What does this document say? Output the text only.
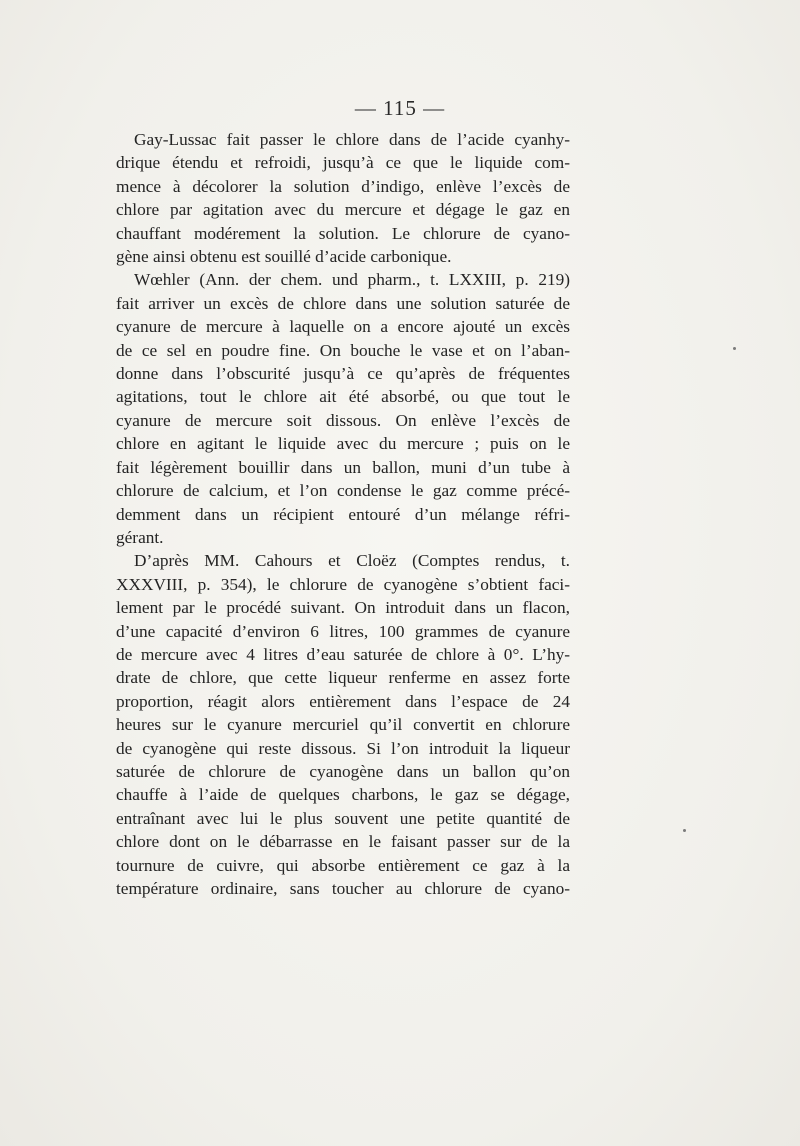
— 115 —

Gay-Lussac fait passer le chlore dans de l’acide cyanhy-
drique étendu et refroidi, jusqu’à ce que le liquide com-
mence à décolorer la solution d’indigo, enlève l’excès de
chlore par agitation avec du mercure et dégage le gaz en
chauffant modérement la solution. Le chlorure de cyano-
gène ainsi obtenu est souillé d’acide carbonique.

Wœhler (Ann. der chem. und pharm., t. LXXIII, p. 219)
fait arriver un excès de chlore dans une solution saturée de
cyanure de mercure à laquelle on a encore ajouté un excès
de ce sel en poudre fine. On bouche le vase et on l’aban-
donne dans l’obscurité jusqu’à ce qu’après de fréquentes
agitations, tout le chlore ait été absorbé, ou que tout le
cyanure de mercure soit dissous. On enlève l’excès de
chlore en agitant le liquide avec du mercure ; puis on le
fait légèrement bouillir dans un ballon, muni d’un tube à
chlorure de calcium, et l’on condense le gaz comme précé-
demment dans un récipient entouré d’un mélange réfri-
gérant.

D’après MM. Cahours et Cloëz (Comptes rendus, t.
XXXVIII, p. 354), le chlorure de cyanogène s’obtient faci-
lement par le procédé suivant. On introduit dans un flacon,
d’une capacité d’environ 6 litres, 100 grammes de cyanure
de mercure avec 4 litres d’eau saturée de chlore à 0°. L’hy-
drate de chlore, que cette liqueur renferme en assez forte
proportion, réagit alors entièrement dans l’espace de 24
heures sur le cyanure mercuriel qu’il convertit en chlorure
de cyanogène qui reste dissous. Si l’on introduit la liqueur
saturée de chlorure de cyanogène dans un ballon qu’on
chauffe à l’aide de quelques charbons, le gaz se dégage,
entraînant avec lui le plus souvent une petite quantité de
chlore dont on le débarrasse en le faisant passer sur de la
tournure de cuivre, qui absorbe entièrement ce gaz à la
température ordinaire, sans toucher au chlorure de cyano-
